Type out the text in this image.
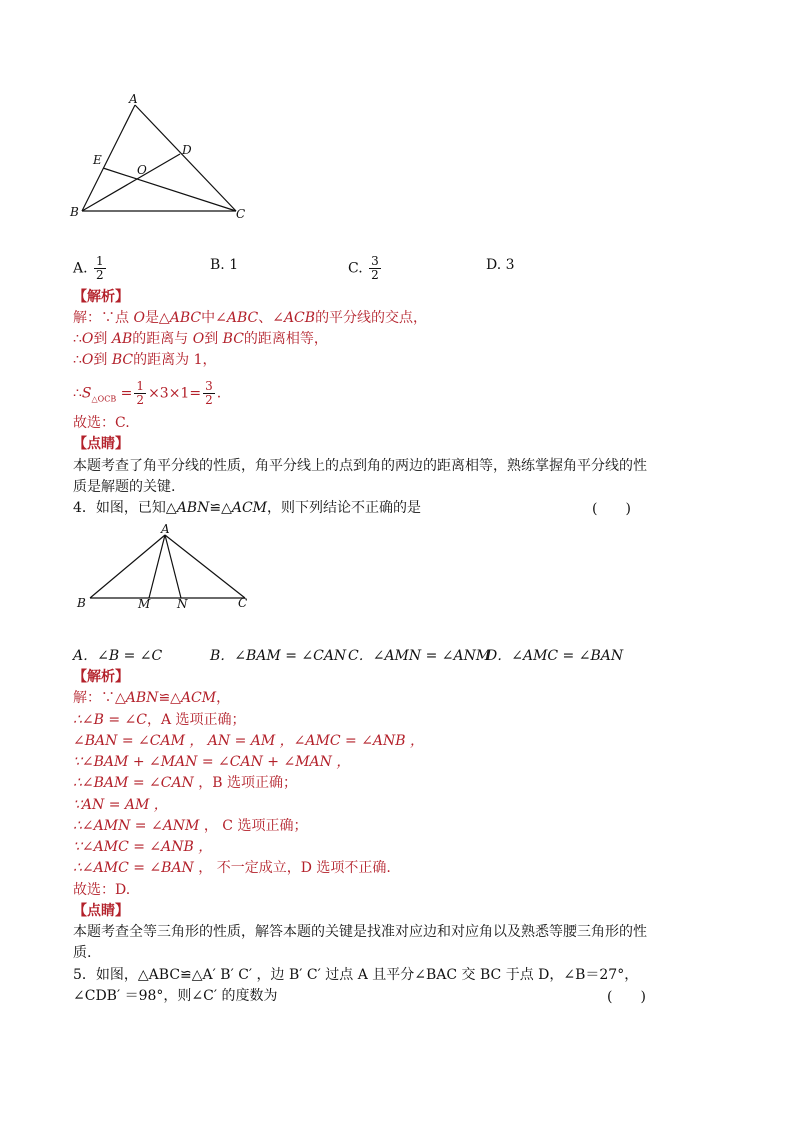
A
B	C
D
E
O
A. $\frac{1}{2}$	B. 1	C. $\frac{3}{2}$	D. 3
【解析】
解：∵点 O是△ABC中∠ABC、∠ACB的平分线的交点，
∴O到 AB的距离与 O到 BC的距离相等，
∴O到 BC的距离为 1，
$\therefore S_{\triangle OCB} = \frac{1}{2} \times 3\times 1= \frac{3}{2}$ .
故选：C.
【点睛】
本题考查了角平分线的性质，角平分线上的点到角的两边的距离相等，熟练掌握角平分线的性
质是解题的关键.
4．如图，已知△ABN≌△ACM，则下列结论不正确的是	(　　)
A
B	M N	C
A．∠B = ∠C	B．∠BAM = ∠CAN C．∠AMN = ∠ANM
D．∠AMC = ∠BAN
【解析】
解：∵△ABN≌△ACM，
∴∠B = ∠C，A 选项正确；
∠BAN = ∠CAM ， AN = AM ，∠AMC = ∠ANB ，
∵∠BAM + ∠MAN = ∠CAN + ∠MAN ，
∴∠BAM = ∠CAN ，B 选项正确；
∵AN = AM ，
∴∠AMN = ∠ANM ， C 选项正确；
∵∠AMC = ∠ANB ，
∴∠AMC = ∠BAN ， 不一定成立，D 选项不正确.
故选：D.
【点睛】
本题考查全等三角形的性质，解答本题的关键是找准对应边和对应角以及熟悉等腰三角形的性
质.
5．如图，△ABC≌△A′ B′ C′ ，边 B′ C′ 过点 A 且平分∠BAC 交 BC 于点 D，∠B＝27°，
∠CDB′ ＝98°，则∠C′ 的度数为	(　　)
